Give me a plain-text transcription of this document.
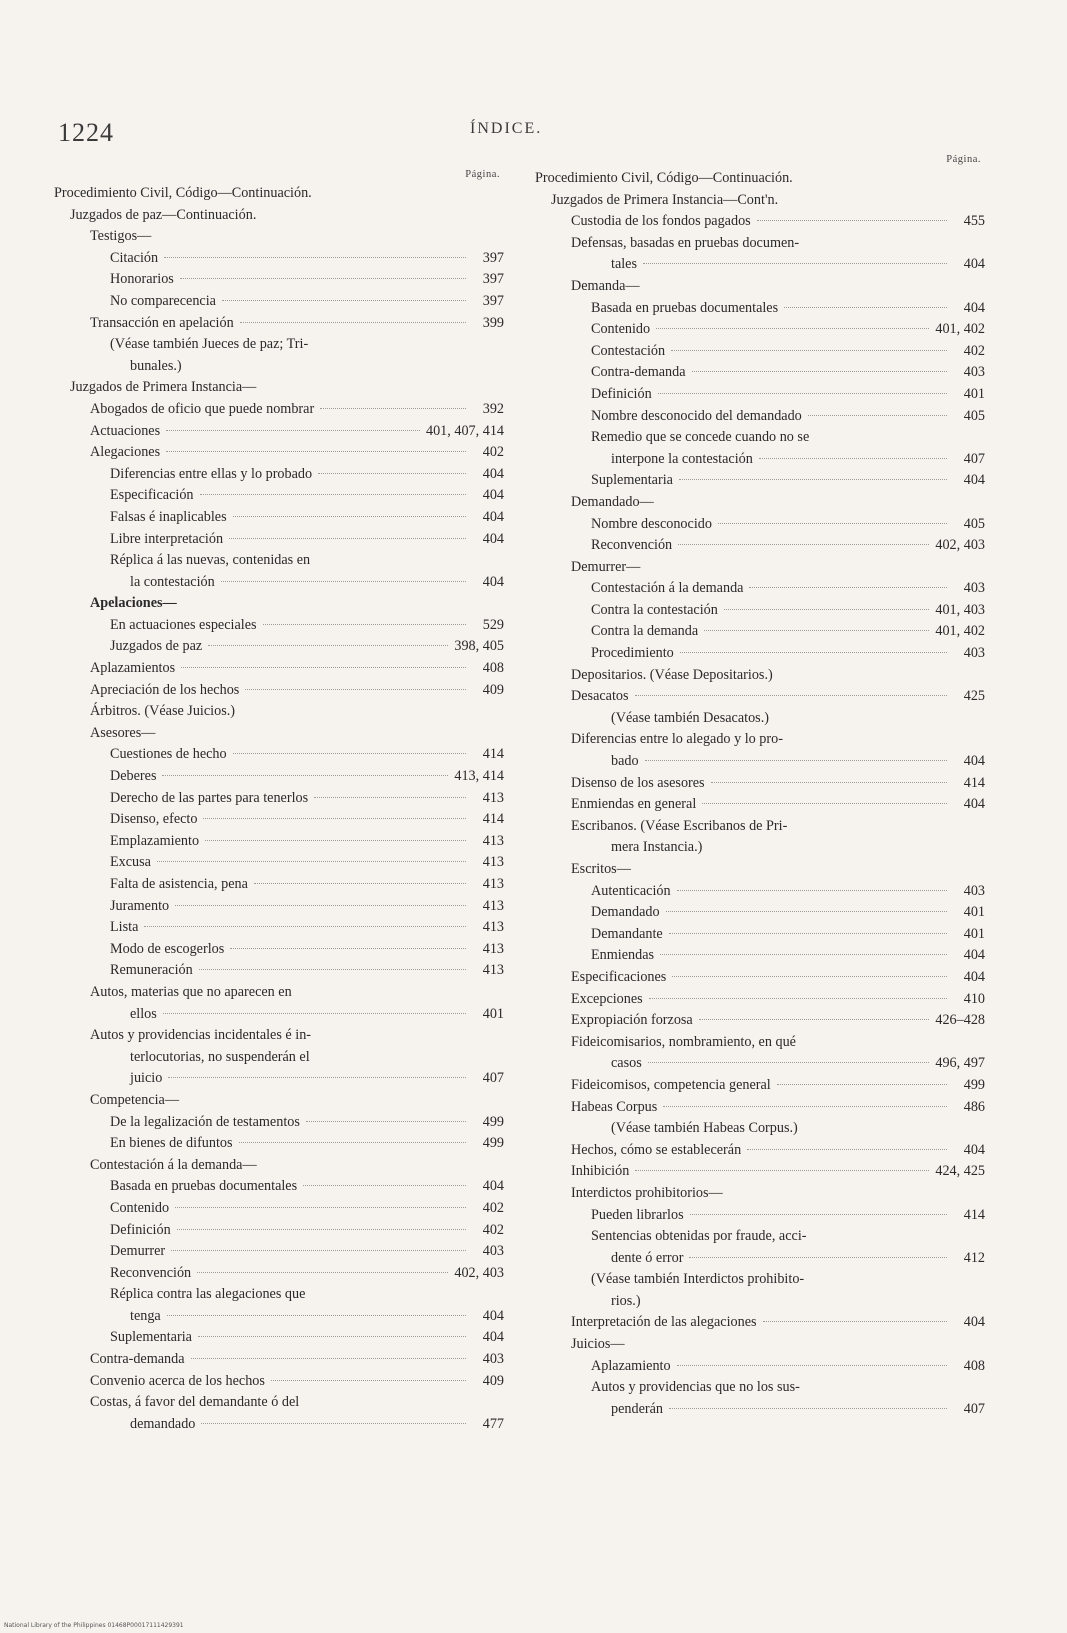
1224	ÍNDICE.
Página.
Procedimiento Civil, Código—Continuación.
Juzgados de paz—Continuación.
Testigos—
Citación	397
Honorarios	397
No comparecencia	397
Transacción en apelación	399
(Véase también Jueces de paz; Tri-
bunales.)
Juzgados de Primera Instancia—
Abogados de oficio que puede nombrar	392
Actuaciones	401, 407, 414
Alegaciones	402
Diferencias entre ellas y lo probado	404
Especificación	404
Falsas é inaplicables	404
Libre interpretación	404
Réplica á las nuevas, contenidas en
la contestación	404
Apelaciones—
En actuaciones especiales	529
Juzgados de paz	398, 405
Aplazamientos	408
Apreciación de los hechos	409
Árbitros. (Véase Juicios.)
Asesores—
Cuestiones de hecho	414
Deberes	413, 414
Derecho de las partes para tenerlos	413
Disenso, efecto	414
Emplazamiento	413
Excusa	413
Falta de asistencia, pena	413
Juramento	413
Lista	413
Modo de escogerlos	413
Remuneración	413
Autos, materias que no aparecen en
ellos	401
Autos y providencias incidentales é in-
terlocutorias, no suspenderán el
juicio	407
Competencia—
De la legalización de testamentos	499
En bienes de difuntos	499
Contestación á la demanda—
Basada en pruebas documentales	404
Contenido	402
Definición	402
Demurrer	403
Reconvención	402, 403
Réplica contra las alegaciones que
tenga	404
Suplementaria	404
Contra-demanda	403
Convenio acerca de los hechos	409
Costas, á favor del demandante ó del
demandado	477
Página.
Procedimiento Civil, Código—Continuación.
Juzgados de Primera Instancia—Cont'n.
Custodia de los fondos pagados	455
Defensas, basadas en pruebas documen-
tales	404
Demanda—
Basada en pruebas documentales	404
Contenido	401, 402
Contestación	402
Contra-demanda	403
Definición	401
Nombre desconocido del demandado	405
Remedio que se concede cuando no se
interpone la contestación	407
Suplementaria	404
Demandado—
Nombre desconocido	405
Reconvención	402, 403
Demurrer—
Contestación á la demanda	403
Contra la contestación	401, 403
Contra la demanda	401, 402
Procedimiento	403
Depositarios. (Véase Depositarios.)
Desacatos	425
(Véase también Desacatos.)
Diferencias entre lo alegado y lo pro-
bado	404
Disenso de los asesores	414
Enmiendas en general	404
Escribanos. (Véase Escribanos de Pri-
mera Instancia.)
Escritos—
Autenticación	403
Demandado	401
Demandante	401
Enmiendas	404
Especificaciones	404
Excepciones	410
Expropiación forzosa	426–428
Fideicomisarios, nombramiento, en qué
casos	496, 497
Fideicomisos, competencia general	499
Habeas Corpus	486
(Véase también Habeas Corpus.)
Hechos, cómo se establecerán	404
Inhibición	424, 425
Interdictos prohibitorios—
Pueden librarlos	414
Sentencias obtenidas por fraude, acci-
dente ó error	412
(Véase también Interdictos prohibito-
rios.)
Interpretación de las alegaciones	404
Juicios—
Aplazamiento	408
Autos y providencias que no los sus-
penderán	407
National Library of the Philippines 01468P00017111429391
